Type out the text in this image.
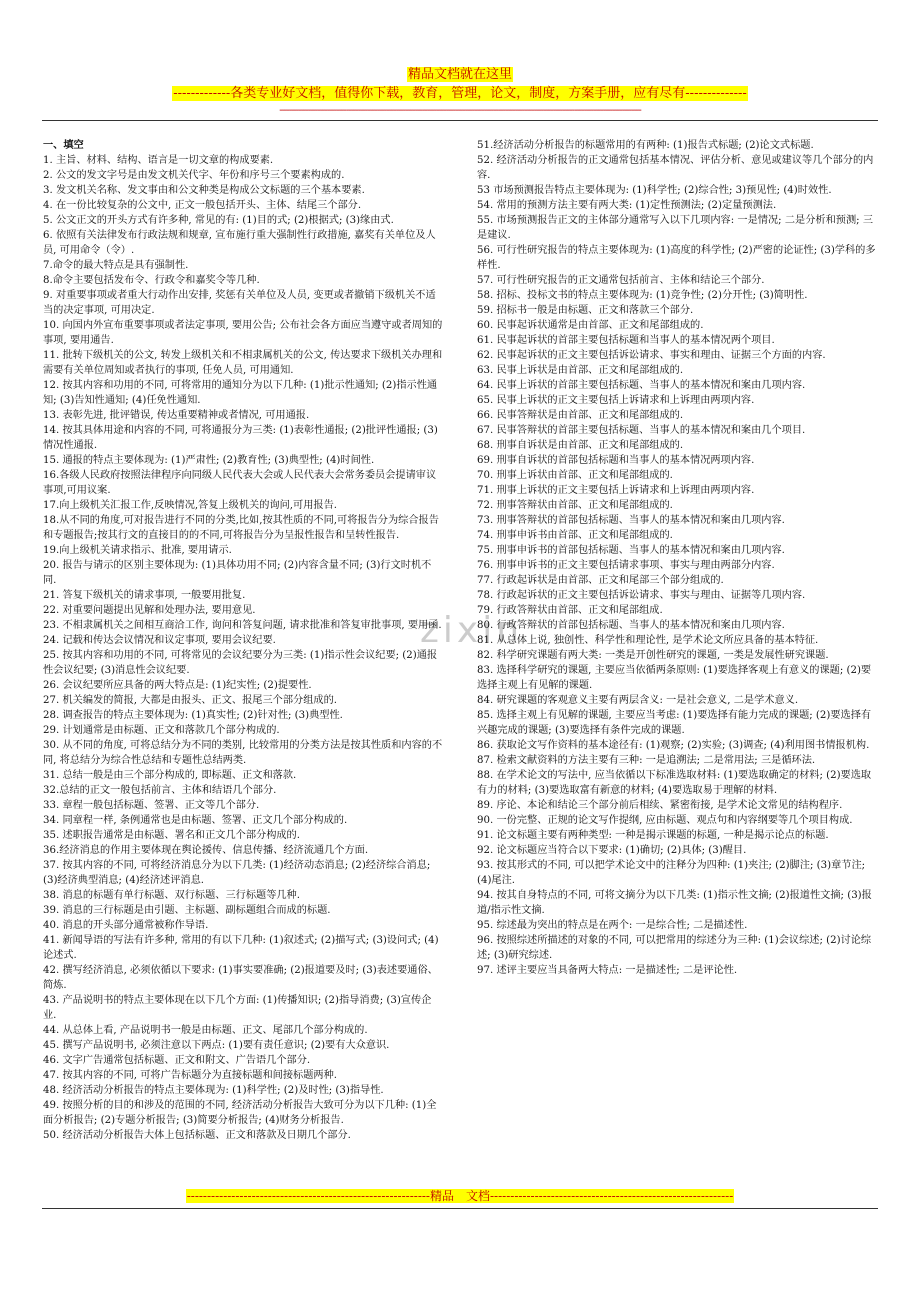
精品文档就在这里
-------------各类专业好文档，值得你下载，教育，管理，论文，制度，方案手册，应有尽有--------------
--------------------------------------------------------------------------------------------------------------------------------------------------------
zixin
一、填空
1. 主旨、材料、结构、语言是一切文章的构成要素.
2. 公文的发文字号是由发文机关代字、年份和序号三个要素构成的.
3. 发文机关名称、发文事由和公文种类是构成公文标题的三个基本要素.
4. 在一份比较复杂的公文中, 正文一般包括开头、主体、结尾三个部分.
5. 公文正文的开头方式有许多种, 常见的有: (1)目的式; (2)根据式; (3)缘由式.
6. 依照有关法律发布行政法规和规章, 宣布施行重大强制性行政措施, 嘉奖有关单位及人员, 可用命令（令）.
7.命令的最大特点是具有强制性.
8.命令主要包括发布令、行政令和嘉奖令等几种.
9. 对重要事项或者重大行动作出安排, 奖惩有关单位及人员, 变更或者撤销下级机关不适当的决定事项, 可用决定.
10. 向国内外宣布重要事项或者法定事项, 要用公告; 公布社会各方面应当遵守或者周知的事项, 要用通告.
11. 批转下级机关的公文, 转发上级机关和不相隶属机关的公文, 传达要求下级机关办理和需要有关单位周知或者执行的事项, 任免人员, 可用通知.
12. 按其内容和功用的不同, 可将常用的通知分为以下几种: (1)批示性通知; (2)指示性通知; (3)告知性通知; (4)任免性通知.
13. 表彰先进, 批评错误, 传达重要精神或者情况, 可用通报.
14. 按其具体用途和内容的不同, 可将通报分为三类: (1)表彰性通报; (2)批评性通报; (3)情况性通报.
15. 通报的特点主要体现为: (1)严肃性; (2)教育性; (3)典型性; (4)时间性.
16.各级人民政府按照法律程序向同级人民代表大会或人民代表大会常务委员会提请审议事项,可用议案.
17.向上级机关汇报工作,反映情况,答复上级机关的询问,可用报告.
18.从不同的角度,可对报告进行不同的分类,比如,按其性质的不同,可将报告分为综合报告和专题报告;按其行文的直接目的的不同,可将报告分为呈报性报告和呈转性报告.
19.向上级机关请求指示、批准, 要用请示.
20. 报告与请示的区别主要体现为: (1)具体功用不同; (2)内容含量不同; (3)行文时机不同.
21. 答复下级机关的请求事项, 一般要用批复.
22. 对重要问题提出见解和处理办法, 要用意见.
23. 不相隶属机关之间相互商洽工作, 询问和答复问题, 请求批准和答复审批事项, 要用函.
24. 记载和传达会议情况和议定事项, 要用会议纪要.
25. 按其内容和功用的不同, 可将常见的会议纪要分为三类: (1)指示性会议纪要; (2)通报性会议纪要; (3)消息性会议纪要.
26. 会议纪要所应具备的两大特点是: (1)纪实性; (2)提要性.
27. 机关编发的简报, 大都是由报头、正文、报尾三个部分组成的.
28. 调查报告的特点主要体现为: (1)真实性; (2)针对性; (3)典型性.
29. 计划通常是由标题、正文和落款几个部分构成的.
30. 从不同的角度, 可将总结分为不同的类别, 比较常用的分类方法是按其性质和内容的不同, 将总结分为综合性总结和专题性总结两类.
31. 总结一般是由三个部分构成的, 即标题、正文和落款.
32.总结的正文一般包括前言、主体和结语几个部分.
33. 章程一般包括标题、签署、正文等几个部分.
34. 同章程一样, 条例通常也是由标题、签署、正文几个部分构成的.
35. 述职报告通常是由标题、署名和正文几个部分构成的.
36.经济消息的作用主要体现在舆论援传、信息传播、经济流通几个方面.
37. 按其内容的不同, 可将经济消息分为以下几类: (1)经济动态消息; (2)经济综合消息; (3)经济典型消息; (4)经济述评消息.
38. 消息的标题有单行标题、双行标题、三行标题等几种.
39. 消息的三行标题是由引题、主标题、副标题组合而成的标题.
40. 消息的开头部分通常被称作导语.
41. 新闻导语的写法有许多种, 常用的有以下几种: (1)叙述式; (2)描写式; (3)设问式; (4)论述式.
42. 撰写经济消息, 必须依循以下要求: (1)事实要准确; (2)报道要及时; (3)表述要通俗、简炼.
43. 产品说明书的特点主要体现在以下几个方面: (1)传播知识; (2)指导消费; (3)宣传企业.
44. 从总体上看, 产品说明书一般是由标题、正文、尾部几个部分构成的.
45. 撰写产品说明书, 必须注意以下两点: (1)要有责任意识; (2)要有大众意识.
46. 文字广告通常包括标题、正文和附文、广告语几个部分.
47. 按其内容的不同, 可将广告标题分为直接标题和间接标题两种.
48. 经济活动分析报告的特点主要体现为: (1)科学性; (2)及时性; (3)指导性.
49. 按照分析的目的和涉及的范围的不同, 经济活动分析报告大致可分为以下几种: (1)全面分析报告; (2)专题分析报告; (3)简要分析报告; (4)财务分析报告.
50. 经济活动分析报告大体上包括标题、正文和落款及日期几个部分.
51.经济活动分析报告的标题常用的有两种: (1)报告式标题; (2)论文式标题.
52. 经济活动分析报告的正文通常包括基本情况、评估分析、意见或建议等几个部分的内容.
53 市场预测报告特点主要体现为: (1)科学性; (2)综合性; 3)预见性; (4)时效性.
54. 常用的预测方法主要有两大类: (1)定性预测法; (2)定量预测法.
55. 市场预测报告正文的主体部分通常写入以下几项内容: 一是情况; 二是分析和预测; 三是建议.
56. 可行性研究报告的特点主要体现为: (1)高度的科学性; (2)严密的论证性; (3)学科的多样性.
57. 可行性研究报告的正文通常包括前言、主体和结论三个部分.
58. 招标、投标文书的特点主要体现为: (1)竞争性; (2)分开性; (3)简明性.
59. 招标书一般是由标题、正文和落款三个部分.
60. 民事起诉状通常是由首部、正文和尾部组成的.
61. 民事起诉状的首部主要包括标题和当事人的基本情况两个项目.
62. 民事起诉状的正文主要包括诉讼请求、事实和理由、证据三个方面的内容.
63. 民事上诉状是由首部、正文和尾部组成的.
64. 民事上诉状的首部主要包括标题、当事人的基本情况和案由几项内容.
65. 民事上诉状的正文主要包括上诉请求和上诉理由两项内容.
66. 民事答辩状是由首部、正文和尾部组成的.
67. 民事答辩状的首部主要包括标题、当事人的基本情况和案由几个项目.
68. 刑事自诉状是由首部、正文和尾部组成的.
69. 刑事自诉状的首部包括标题和当事人的基本情况两项内容.
70. 刑事上诉状由首部、正文和尾部组成的.
71. 刑事上诉状的正文主要包括上诉请求和上诉理由两项内容.
72. 刑事答辩状由首部、正文和尾部组成的.
73. 刑事答辩状的首部包括标题、当事人的基本情况和案由几项内容.
74. 刑事申诉书由首部、正文和尾部组成的.
75. 刑事申诉书的首部包括标题、当事人的基本情况和案由几项内容.
76. 刑事申诉书的正文主要包括请求事项、事实与理由两部分内容.
77. 行政起诉状是由首部、正文和尾部三个部分组成的.
78. 行政起诉状的正文主要包括诉讼请求、事实与理由、证据等几项内容.
79. 行政答辩状由首部、正文和尾部组成.
80. 行政答辩状的首部包括标题、当事人的基本情况和案由几项内容.
81. 从总体上说, 独创性、科学性和理论性, 是学术论文所应具备的基本特征.
82. 科学研究课题有两大类: 一类是开创性研究的课题, 一类是发展性研究课题.
83. 选择科学研究的课题, 主要应当依循两条原则: (1)要选择客观上有意义的课题; (2)要选择主观上有见解的课题.
84. 研究课题的客观意义主要有两层含义: 一是社会意义, 二是学术意义.
85. 选择主观上有见解的课题, 主要应当考虑: (1)要选择有能力完成的课题; (2)要选择有兴趣完成的课题; (3)要选择有条件完成的课题.
86. 获取论文写作资料的基本途径有: (1)观察; (2)实验; (3)调查; (4)利用图书情报机构.
87. 检索文献资料的方法主要有三种: 一是追溯法; 二是常用法; 三是循环法.
88. 在学术论文的写法中, 应当依循以下标准选取材料: (1)要选取确定的材料; (2)要选取有力的材料; (3)要选取富有新意的材料; (4)要选取易于理解的材料.
89. 序论、本论和结论三个部分前后相续、紧密衔接, 是学术论文常见的结构程序.
90. 一份完整、正规的论文写作提纲, 应由标题、观点句和内容纲要等几个项目构成.
91. 论文标题主要有两种类型: 一种是揭示课题的标题, 一种是揭示论点的标题.
92. 论文标题应当符合以下要求: (1)确切; (2)具体; (3)醒目.
93. 按其形式的不同, 可以把学术论文中的注释分为四种: (1)夹注; (2)脚注; (3)章节注; (4)尾注.
94. 按其自身特点的不同, 可将文摘分为以下几类: (1)指示性文摘; (2)报道性文摘; (3)报道/指示性文摘.
95. 综述最为突出的特点是在两个: 一是综合性; 二是描述性.
96. 按照综述所描述的对象的不同, 可以把常用的综述分为三种: (1)会议综述; (2)讨论综述; (3)研究综述.
97. 述评主要应当具备两大特点: 一是描述性; 二是评论性.
------------------------------------------------------------精品　文档------------------------------------------------------------
